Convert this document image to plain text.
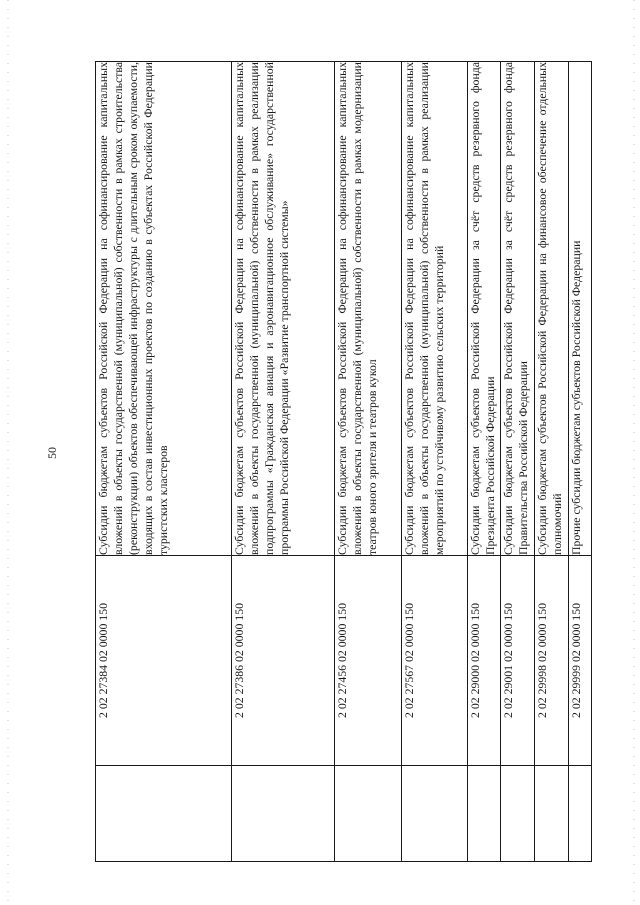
50
	2 02 27384 02 0000 150	Субсидии бюджетам субъектов Российской Федерации на софинансирование капитальных вложений в объекты государственной (муниципальной) собственности в рамках строительства (реконструкции) объектов обеспечивающей инфраструктуры с длительным сроком окупаемости, входящих в состав инвестиционных проектов по созданию в субъектах Российской Федерации туристских кластеров
	2 02 27386 02 0000 150	Субсидии бюджетам субъектов Российской Федерации на софинансирование капитальных вложений в объекты государственной (муниципальной) собственности в рамках реализации подпрограммы «Гражданская авиация и аэронавигационное обслуживание» государственной программы Российской Федерации «Развитие транспортной системы»
	2 02 27456 02 0000 150	Субсидии бюджетам субъектов Российской Федерации на софинансирование капитальных вложений в объекты государственной (муниципальной) собственности в рамках модернизации театров юного зрителя и театров кукол
	2 02 27567 02 0000 150	Субсидии бюджетам субъектов Российской Федерации на софинансирование капитальных вложений в объекты государственной (муниципальной) собственности в рамках реализации мероприятий по устойчивому развитию сельских территорий
	2 02 29000 02 0000 150	Субсидии бюджетам субъектов Российской Федерации за счёт средств резервного фонда Президента Российской Федерации
	2 02 29001 02 0000 150	Субсидии бюджетам субъектов Российской Федерации за счёт средств резервного фонда Правительства Российской Федерации
	2 02 29998 02 0000 150	Субсидии бюджетам субъектов Российской Федерации на финансовое обеспечение отдельных полномочий
	2 02 29999 02 0000 150	Прочие субсидии бюджетам субъектов Российской Федерации
